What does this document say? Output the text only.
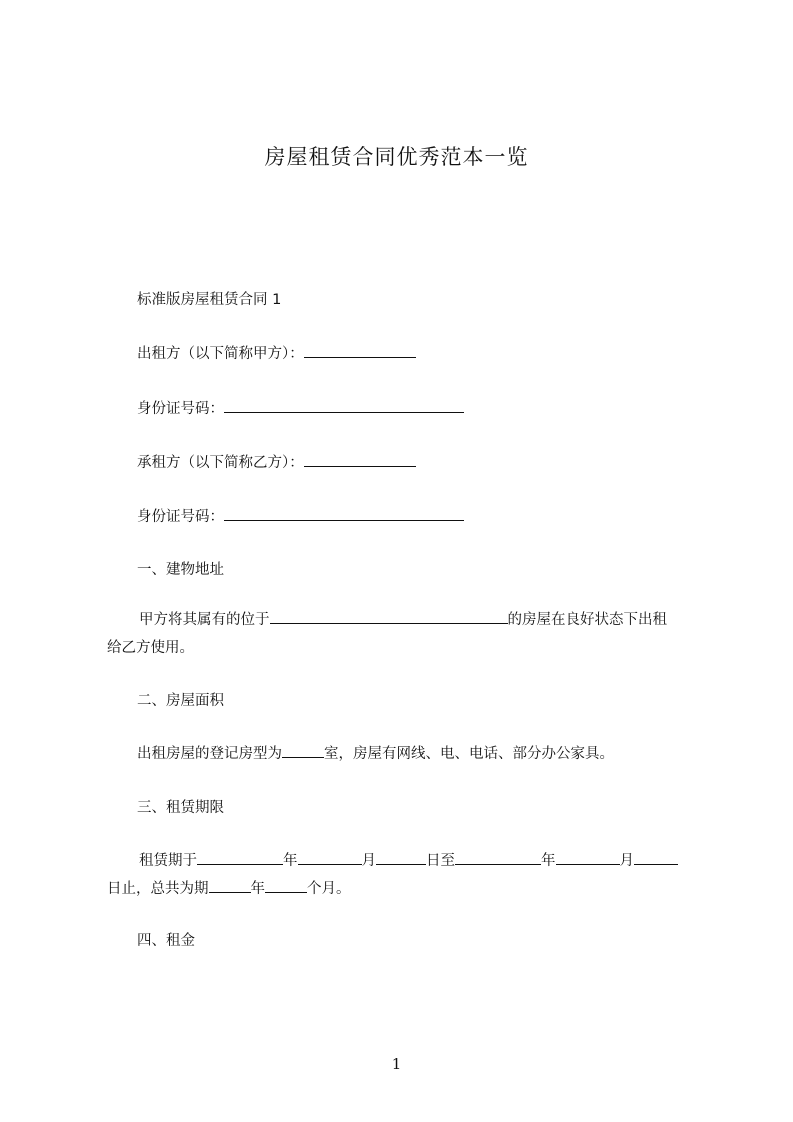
房屋租赁合同优秀范本一览
标准版房屋租赁合同 1
出租方（以下简称甲方）：
身份证号码：
承租方（以下简称乙方）：
身份证号码：
一、建物地址
甲方将其属有的位于	的房屋在良好状态下出租
给乙方使用。
二、房屋面积
出租房屋的登记房型为	室，房屋有网线、电、电话、部分办公家具。
三、租赁期限
租赁期于	年	月	日至	年	月
日止，总共为期	年	个月。
四、租金
1
